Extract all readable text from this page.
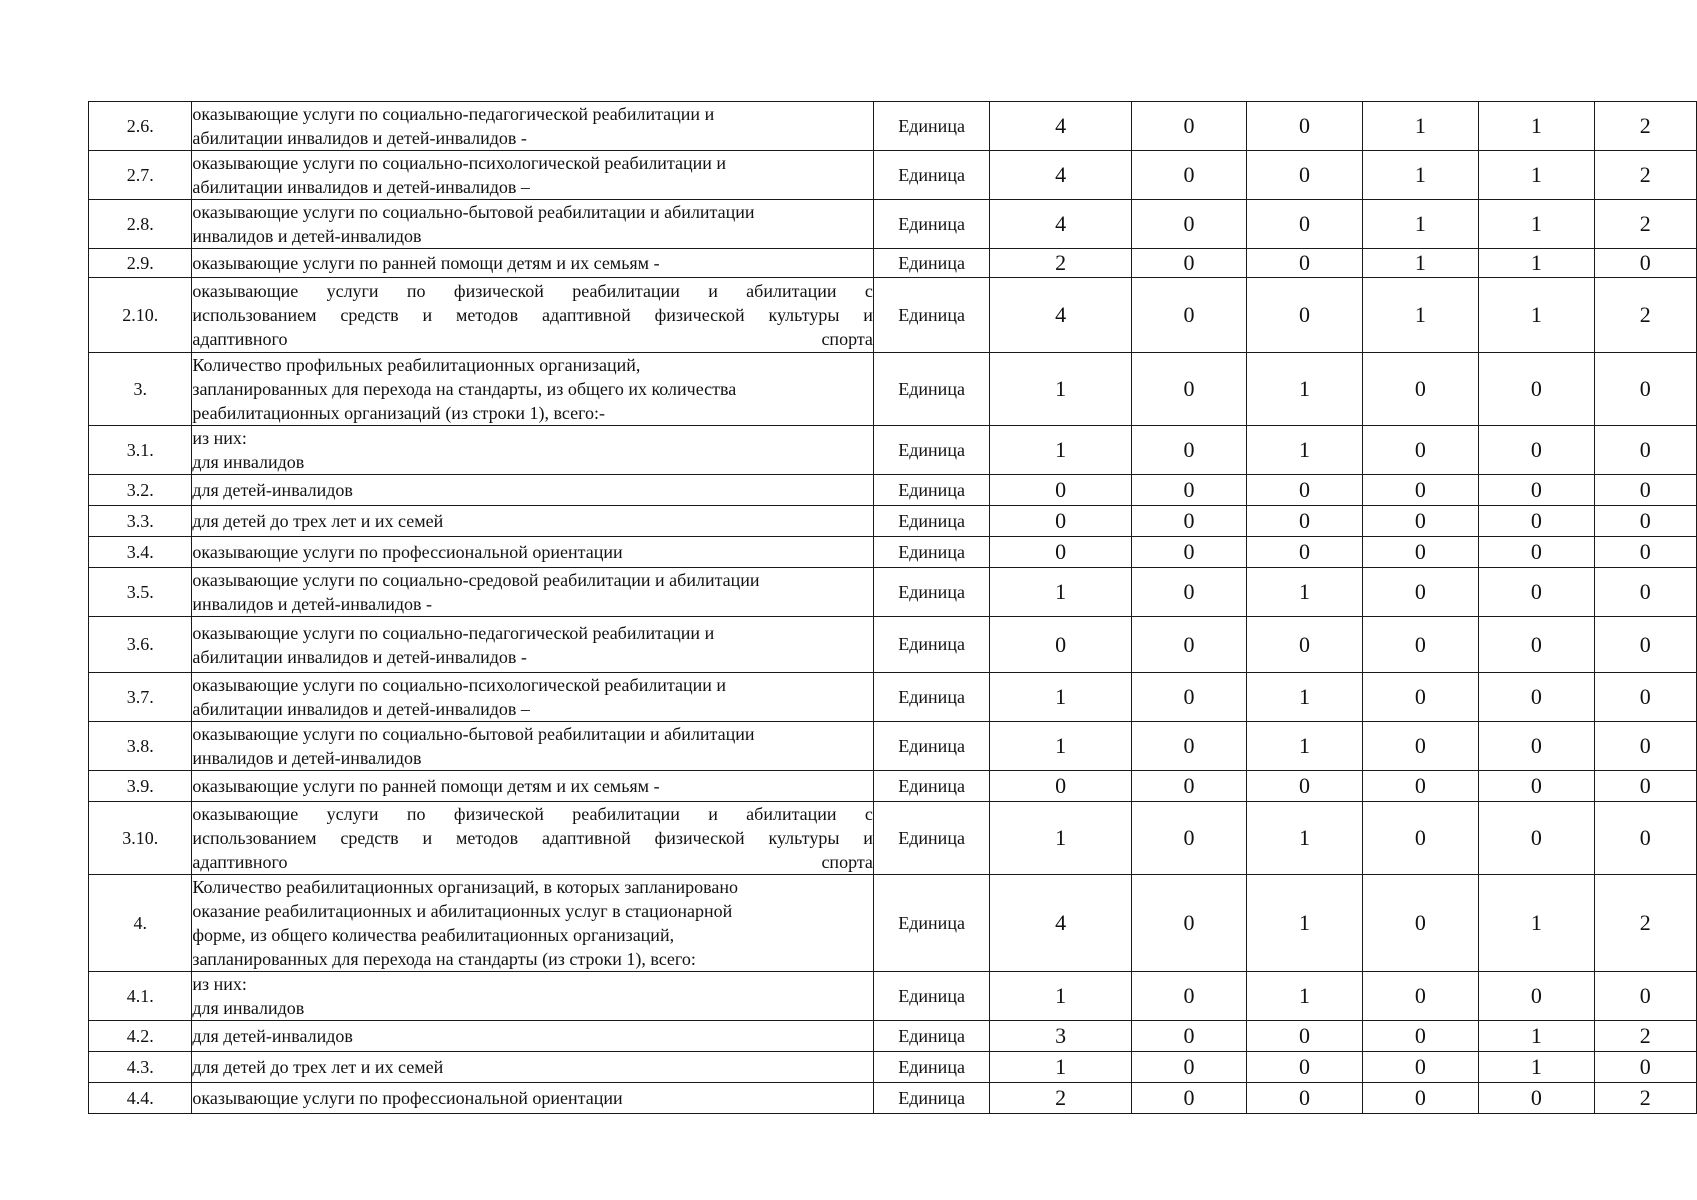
2.6.	оказывающие услуги по социально-педагогической реабилитации и
абилитации инвалидов и детей-инвалидов -	Единица	4	0	0	1	1	2
2.7.	оказывающие услуги по социально-психологической реабилитации и
абилитации инвалидов и детей-инвалидов –	Единица	4	0	0	1	1	2
2.8.	оказывающие услуги по социально-бытовой реабилитации и абилитации
инвалидов и детей-инвалидов	Единица	4	0	0	1	1	2
2.9.	оказывающие услуги по ранней помощи детям и их семьям -	Единица	2	0	0	1	1	0
2.10.	оказывающие услуги по физической реабилитации и абилитации с
использованием средств и методов адаптивной физической культуры и
адаптивного спорта	Единица	4	0	0	1	1	2
3.	Количество профильных реабилитационных организаций,
запланированных для перехода на стандарты, из общего их количества
реабилитационных организаций (из строки 1), всего:-	Единица	1	0	1	0	0	0
3.1.	из них:
для инвалидов	Единица	1	0	1	0	0	0
3.2.	для детей-инвалидов	Единица	0	0	0	0	0	0
3.3.	для детей до трех лет и их семей	Единица	0	0	0	0	0	0
3.4.	оказывающие услуги по профессиональной ориентации	Единица	0	0	0	0	0	0
3.5.	оказывающие услуги по социально-средовой реабилитации и абилитации
инвалидов и детей-инвалидов -	Единица	1	0	1	0	0	0
3.6.	оказывающие услуги по социально-педагогической реабилитации и
абилитации инвалидов и детей-инвалидов -	Единица	0	0	0	0	0	0
3.7.	оказывающие услуги по социально-психологической реабилитации и
абилитации инвалидов и детей-инвалидов –	Единица	1	0	1	0	0	0
3.8.	оказывающие услуги по социально-бытовой реабилитации и абилитации
инвалидов и детей-инвалидов	Единица	1	0	1	0	0	0
3.9.	оказывающие услуги по ранней помощи детям и их семьям -	Единица	0	0	0	0	0	0
3.10.	оказывающие услуги по физической реабилитации и абилитации с
использованием средств и методов адаптивной физической культуры и
адаптивного спорта	Единица	1	0	1	0	0	0
4.	Количество реабилитационных организаций, в которых запланировано
оказание реабилитационных и абилитационных услуг в стационарной
форме, из общего количества реабилитационных организаций,
запланированных для перехода на стандарты (из строки 1), всего:	Единица	4	0	1	0	1	2
4.1.	из них:
для инвалидов	Единица	1	0	1	0	0	0
4.2.	для детей-инвалидов	Единица	3	0	0	0	1	2
4.3.	для детей до трех лет и их семей	Единица	1	0	0	0	1	0
4.4.	оказывающие услуги по профессиональной ориентации	Единица	2	0	0	0	0	2
